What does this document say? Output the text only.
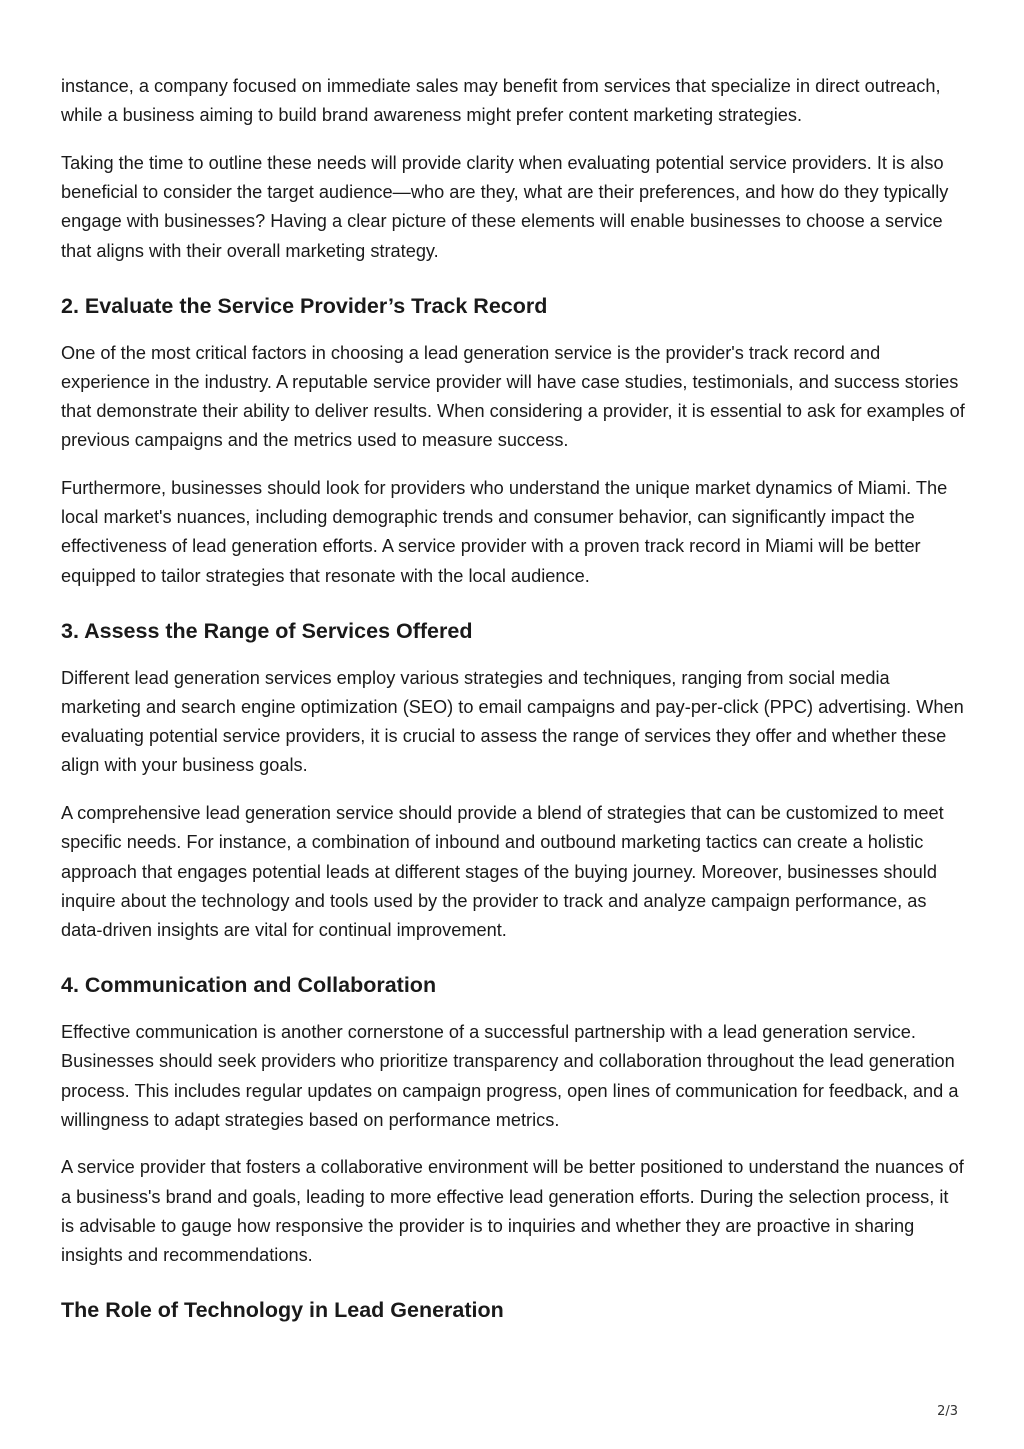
instance, a company focused on immediate sales may benefit from services that specialize in direct outreach, while a business aiming to build brand awareness might prefer content marketing strategies.

Taking the time to outline these needs will provide clarity when evaluating potential service providers. It is also beneficial to consider the target audience—who are they, what are their preferences, and how do they typically engage with businesses? Having a clear picture of these elements will enable businesses to choose a service that aligns with their overall marketing strategy.

2. Evaluate the Service Provider’s Track Record

One of the most critical factors in choosing a lead generation service is the provider's track record and experience in the industry. A reputable service provider will have case studies, testimonials, and success stories that demonstrate their ability to deliver results. When considering a provider, it is essential to ask for examples of previous campaigns and the metrics used to measure success.

Furthermore, businesses should look for providers who understand the unique market dynamics of Miami. The local market's nuances, including demographic trends and consumer behavior, can significantly impact the effectiveness of lead generation efforts. A service provider with a proven track record in Miami will be better equipped to tailor strategies that resonate with the local audience.

3. Assess the Range of Services Offered

Different lead generation services employ various strategies and techniques, ranging from social media marketing and search engine optimization (SEO) to email campaigns and pay-per-click (PPC) advertising. When evaluating potential service providers, it is crucial to assess the range of services they offer and whether these align with your business goals.

A comprehensive lead generation service should provide a blend of strategies that can be customized to meet specific needs. For instance, a combination of inbound and outbound marketing tactics can create a holistic approach that engages potential leads at different stages of the buying journey. Moreover, businesses should inquire about the technology and tools used by the provider to track and analyze campaign performance, as data-driven insights are vital for continual improvement.

4. Communication and Collaboration

Effective communication is another cornerstone of a successful partnership with a lead generation service. Businesses should seek providers who prioritize transparency and collaboration throughout the lead generation process. This includes regular updates on campaign progress, open lines of communication for feedback, and a willingness to adapt strategies based on performance metrics.

A service provider that fosters a collaborative environment will be better positioned to understand the nuances of a business's brand and goals, leading to more effective lead generation efforts. During the selection process, it is advisable to gauge how responsive the provider is to inquiries and whether they are proactive in sharing insights and recommendations.

The Role of Technology in Lead Generation
2/3
